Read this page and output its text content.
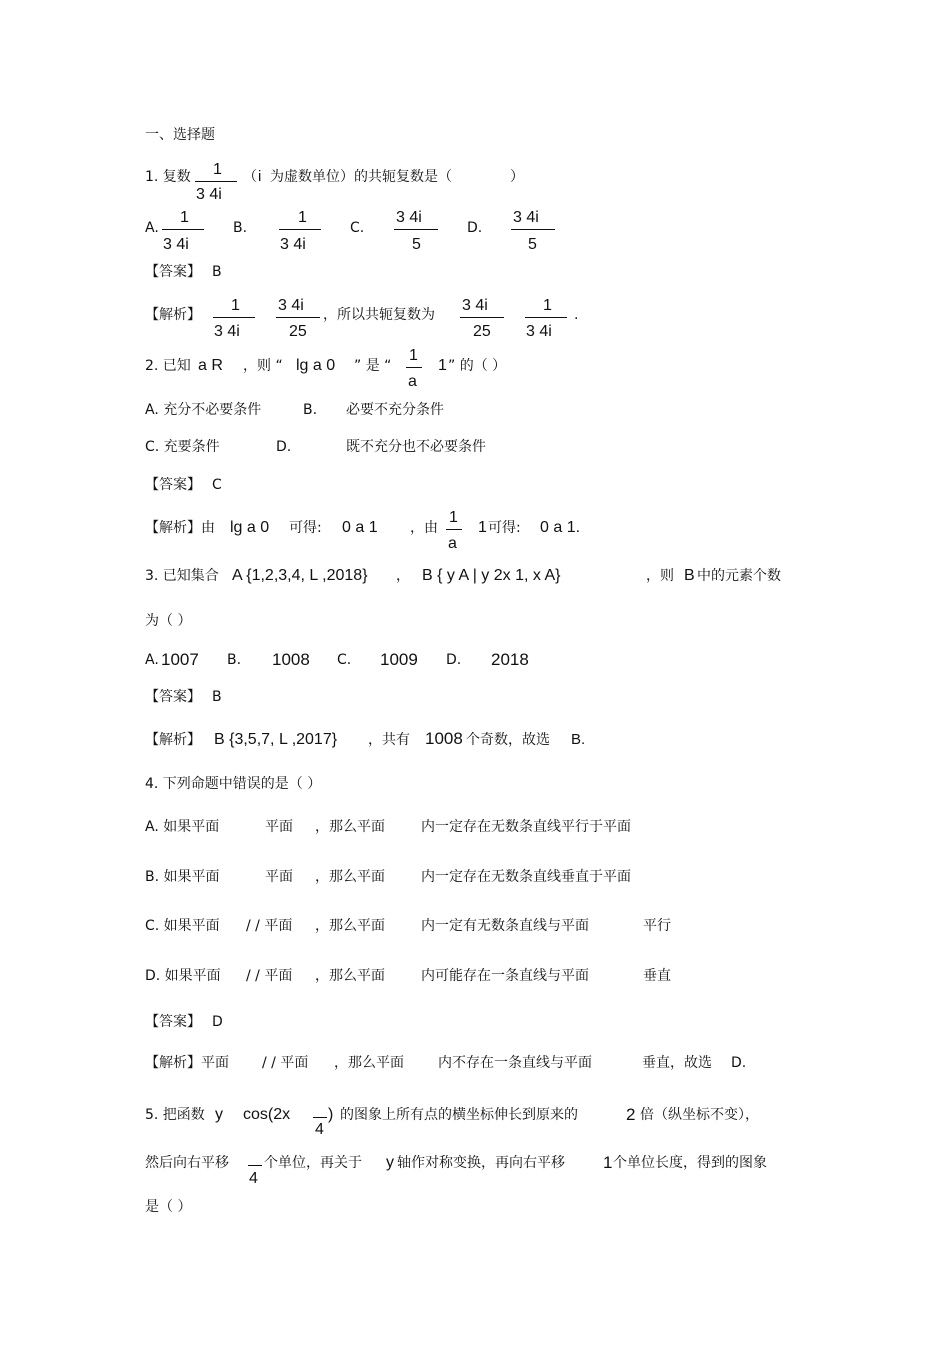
一、选择题
1. 复数 1
3 4i
（ i 为虚数单位）的共轭复数是（	）
A.
1
3 4i
B.
1
3 4i
C.
3 4i
5
D.
3 4i
5
【答案】 B
【解析】
1
3 4i
3 4i
25
，所以共轭复数为
3 4i
25
1
3 4i
.
2. 已知 a R ，则 “ lg a 0 ” 是 “
1
a
1 ” 的（ ）
A. 充分不必要条件	B. 必要不充分条件
C. 充要条件	D.	既不充分也不必要条件
【答案】 C
【解析】由 lg a 0 可得: 0 a 1 ，由
1
a
1 可得: 0 a 1.
3. 已知集合 A {1,2,3,4, L ,2018} ， B { y A | y 2x 1, x A}	，则 B 中的元素个数
为（ ）
A. 1007 B. 1008 C. 1009 D. 2018
【答案】 B
【解析】 B {3,5,7, L ,2017} ，共有 1008 个奇数，故选 B.
4. 下列命题中错误的是（ ）
A. 如果平面	平面 ，那么平面	内一定存在无数条直线平行于平面
B. 如果平面	平面 ，那么平面	内一定存在无数条直线垂直于平面
C. 如果平面 / / 平面 ，那么平面	内一定有无数条直线与平面	平行
D. 如果平面 / / 平面 ，那么平面	内可能存在一条直线与平面	垂直
【答案】 D
【解析】平面 / / 平面 ，那么平面 内不存在一条直线与平面	垂直，故选 D.
5. 把函数 y cos(2x
4
) 的图象上所有点的横坐标伸长到原来的	2 倍（纵坐标不变），
然后向右平移
4
个单位，再关于 y 轴作对称变换，再向右平移 1 个单位长度，得到的图象
是（ ）
